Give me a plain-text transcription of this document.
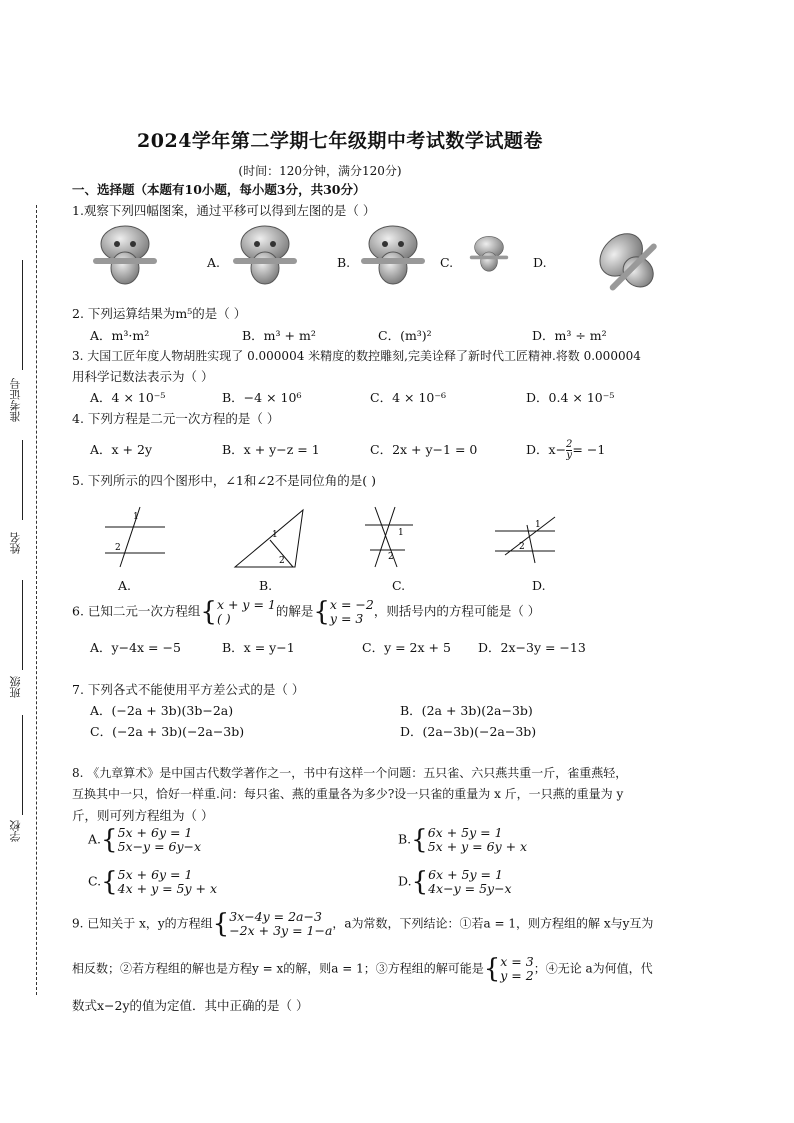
准考证号
姓名
班级
学校
2024学年第二学期七年级期中考试数学试题卷
(时间：120分钟，满分120分)
一、选择题（本题有10小题，每小题3分，共30分）
1.观察下列四幅图案，通过平移可以得到左图的是（ ）
A.	B.	C.	D.
2. 下列运算结果为m⁵的是（ ）
A．m³·m²	B．m³ + m²	C．(m³)²	D．m³ ÷ m²
3. 大国工匠年度人物胡胜实现了 0.000004 米精度的数控雕刻,完美诠释了新时代工匠精神.将数 0.000004
用科学记数法表示为（ ）
A．4 × 10⁻⁵	B．−4 × 10⁶	C．4 × 10⁻⁶	D．0.4 × 10⁻⁵
4. 下列方程是二元一次方程的是（ ）
A．x + 2y	B．x + y−z = 1	C．2x + y−1 = 0	D．$x- \frac{2}{y} = -1$
5. 下列所示的四个图形中，∠1和∠2不是同位角的是( )
1
2
1
2
1
2
1
2
A.	B.	C.	D.
6. 已知二元一次方程组{ x + y = 1
( )	的解是{ x = −2
y = 3 ，则括号内的方程可能是（ ）
A．y−4x = −5	B．x = y−1	C．y = 2x + 5 D．2x−3y = −13
7. 下列各式不能使用平方差公式的是（ ）
A．(−2a + 3b)(3b−2a)	B．(2a + 3b)(2a−3b)
C．(−2a + 3b)(−2a−3b)	D．(2a−3b)(−2a−3b)
8. 《九章算术》是中国古代数学著作之一，书中有这样一个问题：五只雀、六只燕共重一斤，雀重燕轻，
互换其中一只，恰好一样重.问：每只雀、燕的重量各为多少?设一只雀的重量为 x 斤，一只燕的重量为 y
斤，则可列方程组为（ ）
A.{ 5x + 6y = 1
5x−y = 6y−x	B.{ 6x + 5y = 1
5x + y = 6y + x
C.{ 5x + 6y = 1
4x + y = 5y + x	D.{ 6x + 5y = 1
4x−y = 5y−x
9. 已知关于 x，y的方程组{ 3x−4y = 2a−3
−2x + 3y = 1−a ，a为常数，下列结论：①若a = 1，则方程组的解 x与y互为
相反数；②若方程组的解也是方程y = x的解，则a = 1；③方程组的解可能是{ x = 3
y = 2 ；④无论 a为何值，代
数式x−2y的值为定值．其中正确的是（ ）
